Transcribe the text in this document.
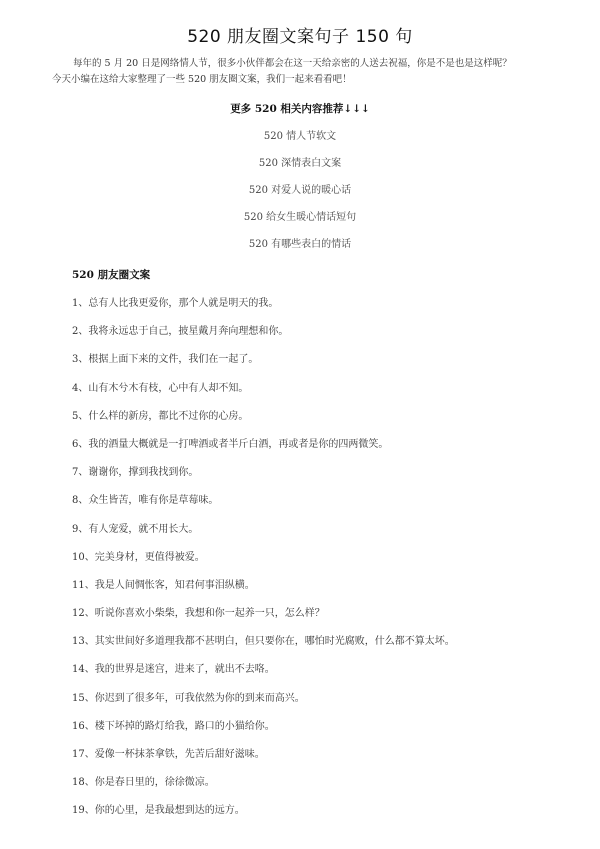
520 朋友圈文案句子 150 句

每年的 5 月 20 日是网络情人节，很多小伙伴都会在这一天给亲密的人送去祝福，你是不是也是这样呢？

今天小编在这给大家整理了一些 520 朋友圈文案，我们一起来看看吧！

更多 520 相关内容推荐↓↓↓
520 情人节软文
520 深情表白文案
520 对爱人说的暖心话
520 给女生暖心情话短句
520 有哪些表白的情话
520 朋友圈文案
1、总有人比我更爱你，那个人就是明天的我。
2、我将永远忠于自己，披星戴月奔向理想和你。
3、根据上面下来的文件，我们在一起了。
4、山有木兮木有枝，心中有人却不知。
5、什么样的新房，都比不过你的心房。
6、我的酒量大概就是一打啤酒或者半斤白酒，再或者是你的四两微笑。
7、谢谢你，撑到我找到你。
8、众生皆苦，唯有你是草莓味。
9、有人宠爱，就不用长大。
10、完美身材，更值得被爱。
11、我是人间惆怅客，知君何事泪纵横。
12、听说你喜欢小柴柴，我想和你一起养一只，怎么样？
13、其实世间好多道理我都不甚明白，但只要你在，哪怕时光腐败，什么都不算太坏。
14、我的世界是迷宫，进来了，就出不去咯。
15、你迟到了很多年，可我依然为你的到来而高兴。
16、楼下坏掉的路灯给我，路口的小猫给你。
17、爱像一杯抹茶拿铁，先苦后甜好滋味。
18、你是春日里的，徐徐微凉。
19、你的心里，是我最想到达的远方。
